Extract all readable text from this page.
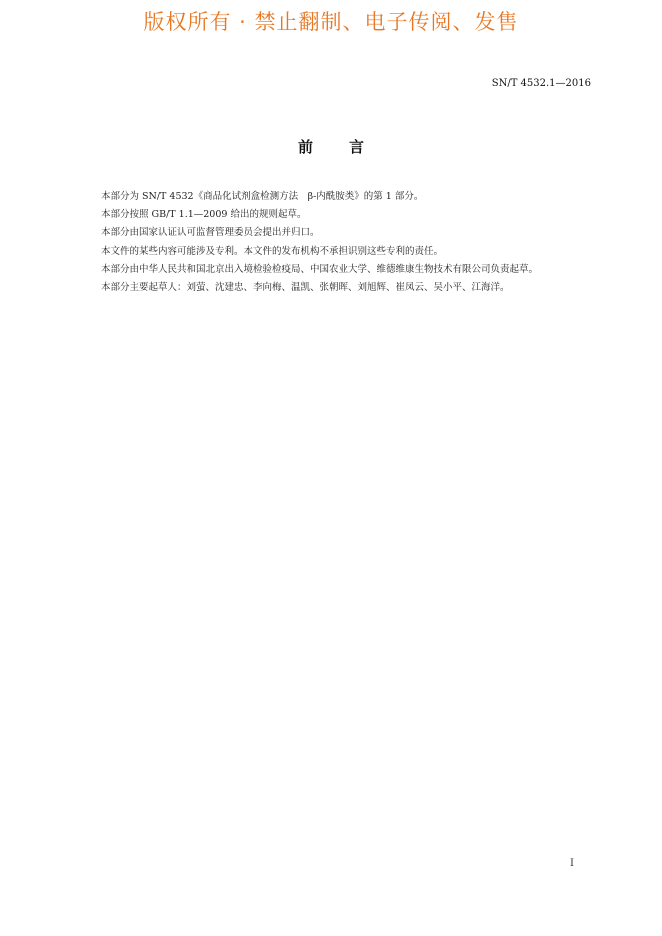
版权所有 · 禁止翻制、电子传阅、发售
SN/T 4532.1—2016
前言

本部分为 SN/T 4532《商品化试剂盒检测方法　β-内酰胺类》的第 1 部分。

本部分按照 GB/T 1.1—2009 给出的规则起草。

本部分由国家认证认可监督管理委员会提出并归口。

本文件的某些内容可能涉及专利。本文件的发布机构不承担识别这些专利的责任。

本部分由中华人民共和国北京出入境检验检疫局、中国农业大学、维德维康生物技术有限公司负责起草。

本部分主要起草人：刘萤、沈建忠、李向梅、温凯、张朝晖、刘旭辉、崔凤云、吴小平、江海洋。

I
